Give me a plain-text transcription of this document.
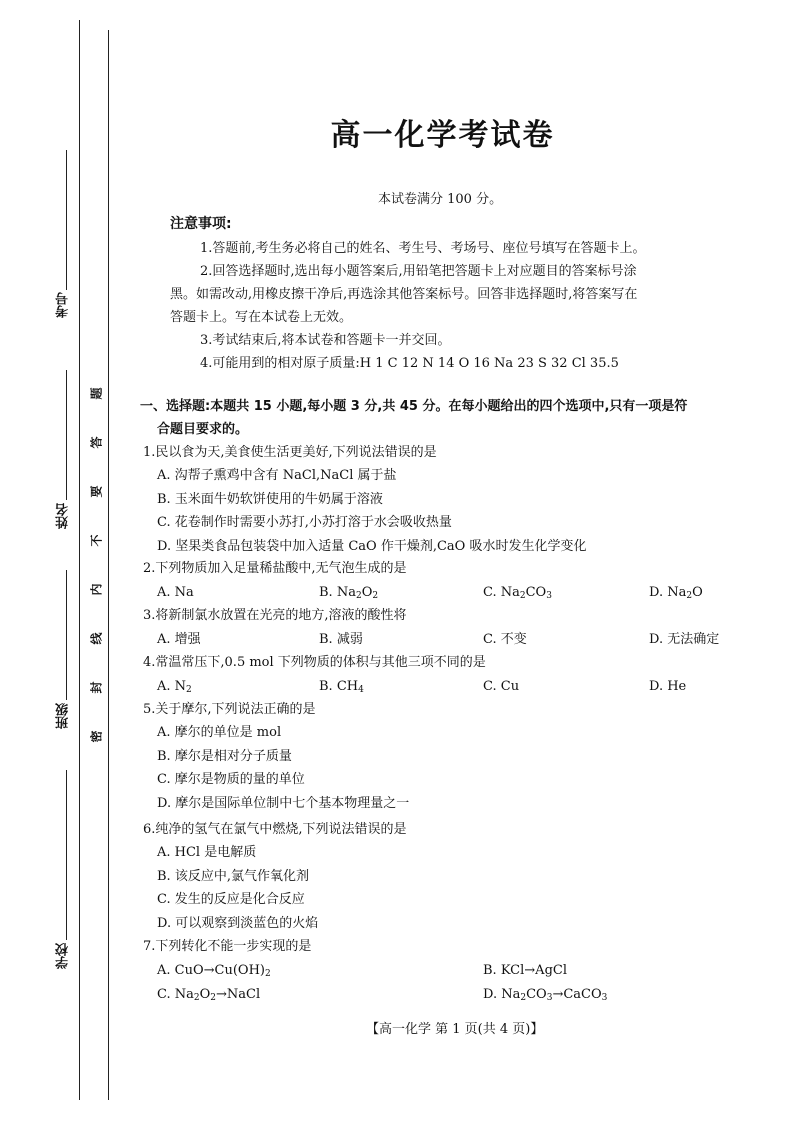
考号
姓名
班级
学校
题
答
要
不
内
线
封
密
高一化学考试卷
本试卷满分 100 分。
注意事项:

1.答题前,考生务必将自己的姓名、考生号、考场号、座位号填写在答题卡上。

2.回答选择题时,选出每小题答案后,用铅笔把答题卡上对应题目的答案标号涂

黑。如需改动,用橡皮擦干净后,再选涂其他答案标号。回答非选择题时,将答案写在

答题卡上。写在本试卷上无效。

3.考试结束后,将本试卷和答题卡一并交回。

4.可能用到的相对原子质量:H 1 C 12 N 14 O 16 Na 23 S 32 Cl 35.5

一、选择题:本题共 15 小题,每小题 3 分,共 45 分。在每小题给出的四个选项中,只有一项是符
合题目要求的。
1.民以食为天,美食使生活更美好,下列说法错误的是
A. 沟帮子熏鸡中含有 NaCl,NaCl 属于盐
B. 玉米面牛奶软饼使用的牛奶属于溶液
C. 花卷制作时需要小苏打,小苏打溶于水会吸收热量
D. 坚果类食品包装袋中加入适量 CaO 作干燥剂,CaO 吸水时发生化学变化
2.下列物质加入足量稀盐酸中,无气泡生成的是
A. Na	B. $Na_2O_2$	C. $Na_2CO_3$	D. $Na_2O$
3.将新制氯水放置在光亮的地方,溶液的酸性将
A. 增强	B. 减弱	C. 不变	D. 无法确定
4.常温常压下,0.5 mol 下列物质的体积与其他三项不同的是
A. $N_2$	B. $CH_4$	C. Cu	D. He
5.关于摩尔,下列说法正确的是
A. 摩尔的单位是 mol
B. 摩尔是相对分子质量
C. 摩尔是物质的量的单位
D. 摩尔是国际单位制中七个基本物理量之一
6.纯净的氢气在氯气中燃烧,下列说法错误的是
A. HCl 是电解质
B. 该反应中,氯气作氧化剂
C. 发生的反应是化合反应
D. 可以观察到淡蓝色的火焰
7.下列转化不能一步实现的是
A. $CuO\to Cu(OH)_2$	B. KCl→AgCl
C. $Na_2O_2\to NaCl$	D. $Na_2CO_3\to CaCO_3$
【高一化学 第 1 页(共 4 页)】
